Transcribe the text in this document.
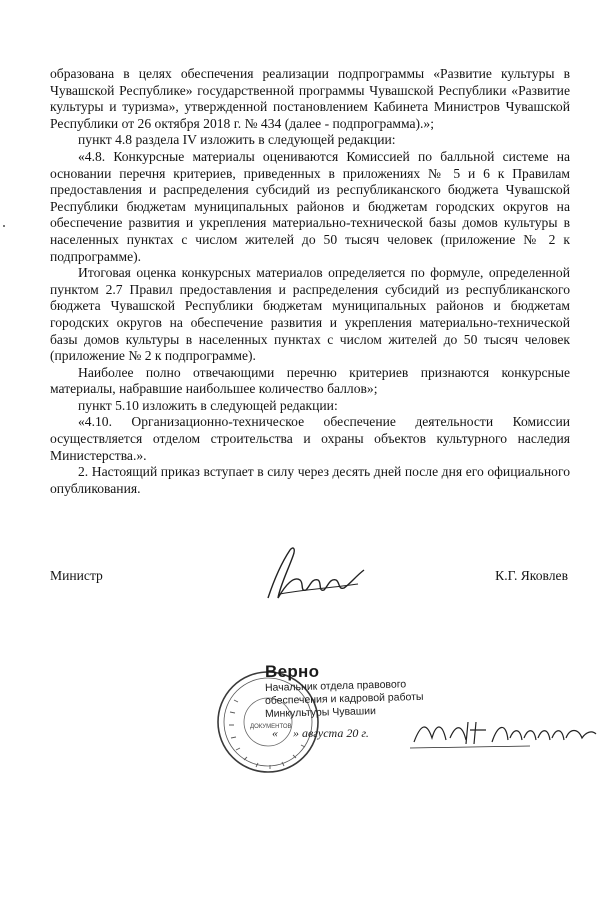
образована в целях обеспечения реализации подпрограммы «Развитие культуры в Чувашской Республике» государственной программы Чувашской Республики «Развитие культуры и туризма», утвержденной постановлением Кабинета Министров Чувашской Республики от 26 октября 2018 г. № 434 (далее - подпрограмма).»;

пункт 4.8 раздела IV изложить в следующей редакции:

«4.8. Конкурсные материалы оцениваются Комиссией по балльной системе на основании перечня критериев, приведенных в приложениях № 5 и 6 к Правилам предоставления и распределения субсидий из республиканского бюджета Чувашской Республики бюджетам муниципальных районов и бюджетам городских округов на обеспечение развития и укрепления материально-технической базы домов культуры в населенных пунктах с числом жителей до 50 тысяч человек (приложение № 2 к подпрограмме).

Итоговая оценка конкурсных материалов определяется по формуле, определенной пунктом 2.7 Правил предоставления и распределения субсидий из республиканского бюджета Чувашской Республики бюджетам муниципальных районов и бюджетам городских округов на обеспечение развития и укрепления материально-технической базы домов культуры в населенных пунктах с числом жителей до 50 тысяч человек (приложение № 2 к подпрограмме).

Наиболее полно отвечающими перечню критериев признаются конкурсные материалы, набравшие наибольшее количество баллов»;

пункт 5.10 изложить в следующей редакции:

«4.10. Организационно-техническое обеспечение деятельности Комиссии осуществляется отделом строительства и охраны объектов культурного наследия Министерства.».

2. Настоящий приказ вступает в силу через десять дней после дня его официального опубликования.

Министр	К.Г. Яковлев
ДОКУМЕНТОВ
Верно
Начальник отдела правового
обеспечения и кадровой работы
Минкультуры Чувашии
« » августа 20 г.
